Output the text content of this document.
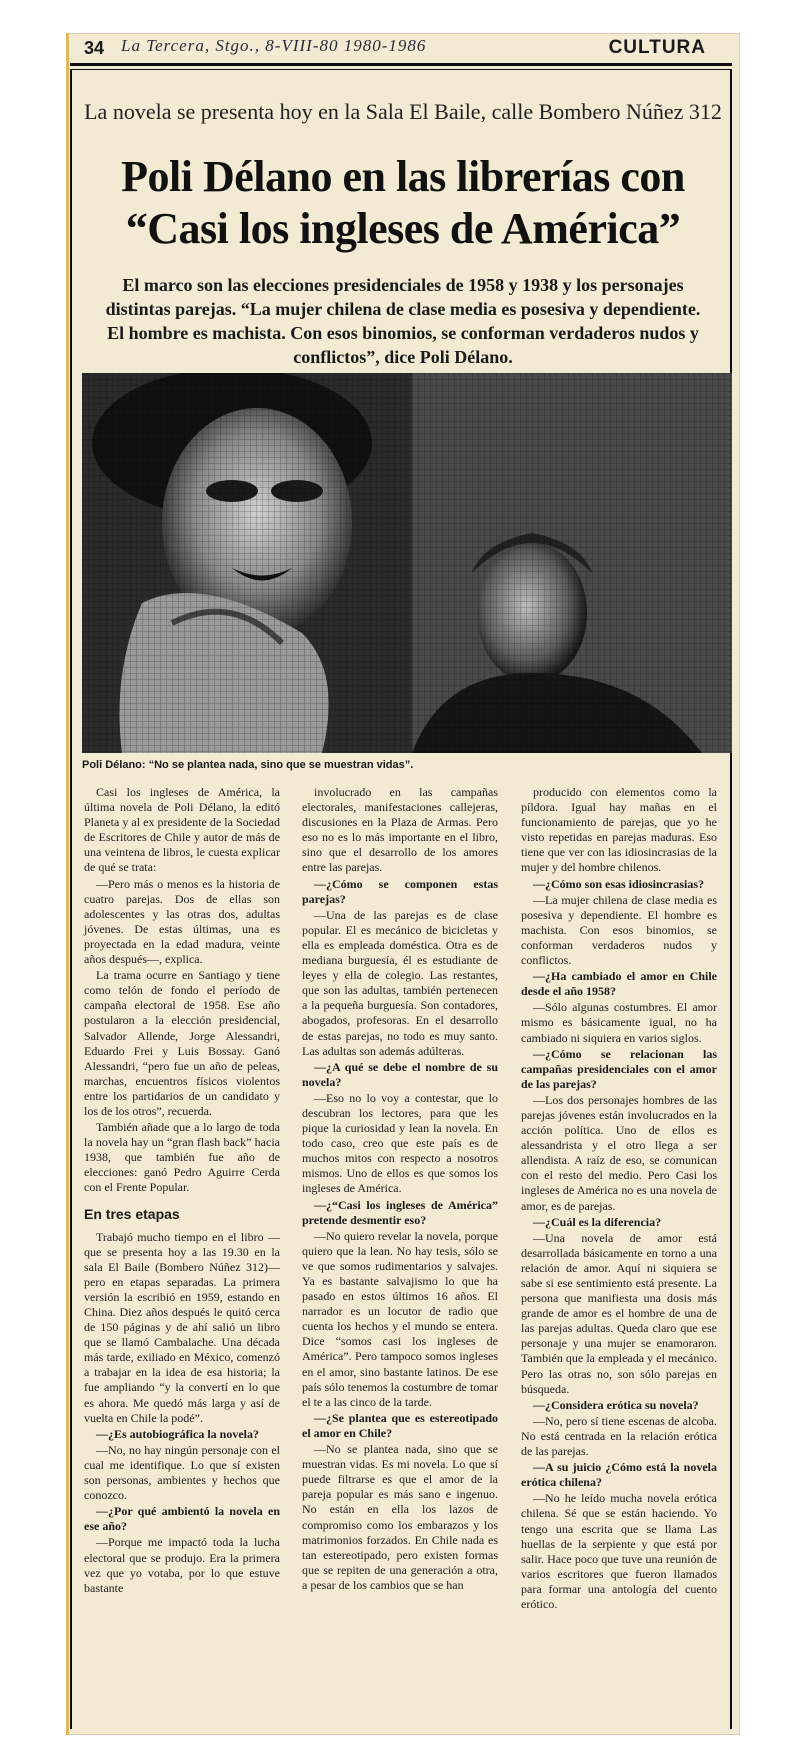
34 La Tercera, Stgo., 8-VIII-80 1980-1986	CULTURA
La novela se presenta hoy en la Sala El Baile, calle Bombero Núñez 312
Poli Délano en las librerías con
“Casi los ingleses de América”
El marco son las elecciones presidenciales de 1958 y 1938 y los personajes distintas parejas. “La mujer chilena de clase media es posesiva y dependiente. El hombre es machista. Con esos binomios, se conforman verdaderos nudos y conflictos”, dice Poli Délano.
Poli Délano: “No se plantea nada, sino que se muestran vidas”.

Casi los ingleses de América, la última novela de Poli Délano, la editó Planeta y al ex presidente de la Sociedad de Escritores de Chile y autor de más de una veintena de libros, le cuesta explicar de qué se trata:

—Pero más o menos es la historia de cuatro parejas. Dos de ellas son adolescentes y las otras dos, adultas jóvenes. De estas últimas, una es proyectada en la edad madura, veinte años después—, explica.

La trama ocurre en Santiago y tiene como telón de fondo el período de campaña electoral de 1958. Ese año postularon a la elección presidencial, Salvador Allende, Jorge Alessandri, Eduardo Frei y Luis Bossay. Ganó Alessandri, “pero fue un año de peleas, marchas, encuentros físicos violentos entre los partidarios de un candidato y los de los otros”, recuerda.

También añade que a lo largo de toda la novela hay un “gran flash back” hacia 1938, que también fue año de elecciones: ganó Pedro Aguirre Cerda con el Frente Popular.

En tres etapas

Trabajó mucho tiempo en el libro —que se presenta hoy a las 19.30 en la sala El Baile (Bombero Núñez 312)— pero en etapas separadas. La primera versión la escribió en 1959, estando en China. Diez años después le quitó cerca de 150 páginas y de ahí salió un libro que se llamó Cambalache. Una década más tarde, exiliado en México, comenzó a trabajar en la idea de esa historia; la fue ampliando “y la convertí en lo que es ahora. Me quedó más larga y así de vuelta en Chile la podé”.

—¿Es autobiográfica la novela?

—No, no hay ningún personaje con el cual me identifique. Lo que sí existen son personas, ambientes y hechos que conozco.

—¿Por qué ambientó la novela en ese año?

—Porque me impactó toda la lucha electoral que se produjo. Era la primera vez que yo votaba, por lo que estuve bastante

involucrado en las campañas electorales, manifestaciones callejeras, discusiones en la Plaza de Armas. Pero eso no es lo más importante en el libro, sino que el desarrollo de los amores entre las parejas.

—¿Cómo se componen estas parejas?

—Una de las parejas es de clase popular. El es mecánico de bicicletas y ella es empleada doméstica. Otra es de mediana burguesía, él es estudiante de leyes y ella de colegio. Las restantes, que son las adultas, también pertenecen a la pequeña burguesía. Son contadores, abogados, profesoras. En el desarrollo de estas parejas, no todo es muy santo. Las adultas son además adúlteras.

—¿A qué se debe el nombre de su novela?

—Eso no lo voy a contestar, que lo descubran los lectores, para que les pique la curiosidad y lean la novela. En todo caso, creo que este país es de muchos mitos con respecto a nosotros mismos. Uno de ellos es que somos los ingleses de América.

—¿“Casi los ingleses de América” pretende desmentir eso?

—No quiero revelar la novela, porque quiero que la lean. No hay tesis, sólo se ve que somos rudimentarios y salvajes. Ya es bastante salvajismo lo que ha pasado en estos últimos 16 años. El narrador es un locutor de radio que cuenta los hechos y el mundo se entera. Dice “somos casi los ingleses de América”. Pero tampoco somos ingleses en el amor, sino bastante latinos. De ese país sólo tenemos la costumbre de tomar el te a las cinco de la tarde.

—¿Se plantea que es estereotipado el amor en Chile?

—No se plantea nada, sino que se muestran vidas. Es mi novela. Lo que sí puede filtrarse es que el amor de la pareja popular es más sano e ingenuo. No están en ella los lazos de compromiso como los embarazos y los matrimonios forzados. En Chile nada es tan estereotipado, pero existen formas que se repiten de una generación a otra, a pesar de los cambios que se han

producido con elementos como la píldora. Igual hay mañas en el funcionamiento de parejas, que yo he visto repetidas en parejas maduras. Eso tiene que ver con las idiosincrasias de la mujer y del hombre chilenos.

—¿Cómo son esas idiosincrasias?

—La mujer chilena de clase media es posesiva y dependiente. El hombre es machista. Con esos binomios, se conforman verdaderos nudos y conflictos.

—¿Ha cambiado el amor en Chile desde el año 1958?

—Sólo algunas costumbres. El amor mismo es básicamente igual, no ha cambiado ni siquiera en varios siglos.

—¿Cómo se relacionan las campañas presidenciales con el amor de las parejas?

—Los dos personajes hombres de las parejas jóvenes están involucrados en la acción política. Uno de ellos es alessandrista y el otro llega a ser allendista. A raíz de eso, se comunican con el resto del medio. Pero Casi los ingleses de América no es una novela de amor, es de parejas.

—¿Cuál es la diferencia?

—Una novela de amor está desarrollada básicamente en torno a una relación de amor. Aquí ni siquiera se sabe si ese sentimiento está presente. La persona que manifiesta una dosis más grande de amor es el hombre de una de las parejas adultas. Queda claro que ese personaje y una mujer se enamoraron. También que la empleada y el mecánico. Pero las otras no, son sólo parejas en búsqueda.

—¿Considera erótica su novela?

—No, pero sí tiene escenas de alcoba. No está centrada en la relación erótica de las parejas.

—A su juicio ¿Cómo está la novela erótica chilena?

—No he leído mucha novela erótica chilena. Sé que se están haciendo. Yo tengo una escrita que se llama Las huellas de la serpiente y que está por salir. Hace poco que tuve una reunión de varios escritores que fueron llamados para formar una antología del cuento erótico.
